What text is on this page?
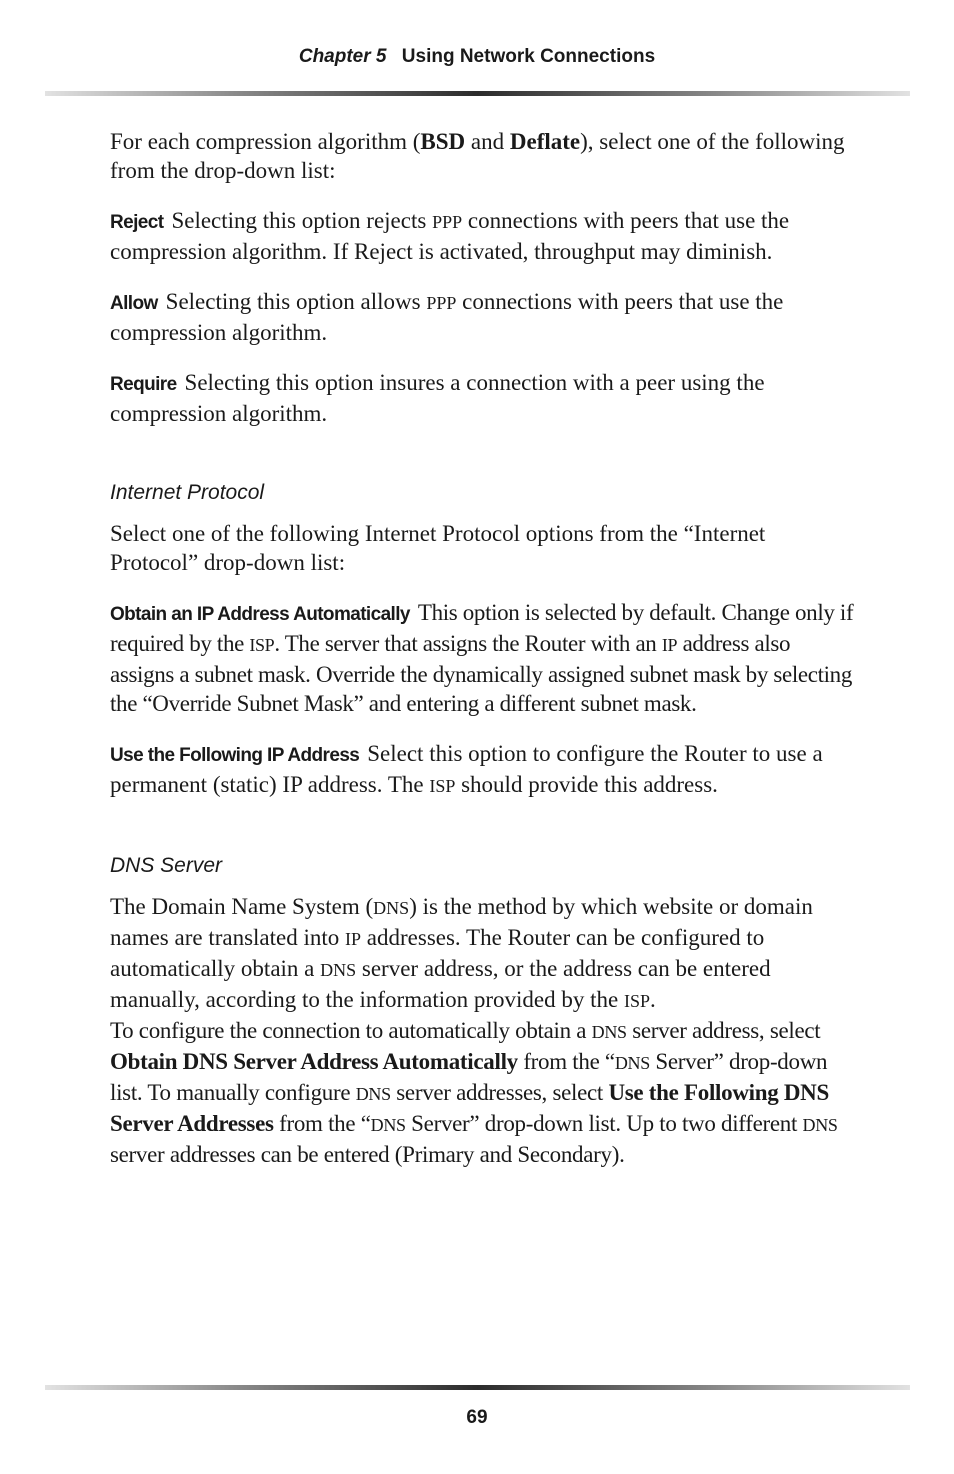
Chapter 5 Using Network Connections

For each compression algorithm (BSD and Deflate), select one of the following from the drop-down list:

Reject Selecting this option rejects PPP connections with peers that use the compression algorithm. If Reject is activated, throughput may diminish.

Allow Selecting this option allows PPP connections with peers that use the compression algorithm.

Require Selecting this option insures a connection with a peer using the compression algorithm.

Internet Protocol

Select one of the following Internet Protocol options from the “Internet Protocol” drop-down list:

Obtain an IP Address Automatically This option is selected by default. Change only if required by the ISP. The server that assigns the Router with an IP address also assigns a subnet mask. Override the dynamically assigned subnet mask by selecting the “Override Subnet Mask” and entering a different subnet mask.

Use the Following IP Address Select this option to configure the Router to use a permanent (static) IP address. The ISP should provide this address.

DNS Server

The Domain Name System (DNS) is the method by which website or domain names are translated into IP addresses. The Router can be configured to automatically obtain a DNS server address, or the address can be entered manually, according to the information provided by the ISP.

To configure the connection to automatically obtain a DNS server address, select Obtain DNS Server Address Automatically from the “DNS Server” drop-down list. To manually configure DNS server addresses, select Use the Following DNS Server Addresses from the “DNS Server” drop-down list. Up to two different DNS server addresses can be entered (Primary and Secondary).

69
